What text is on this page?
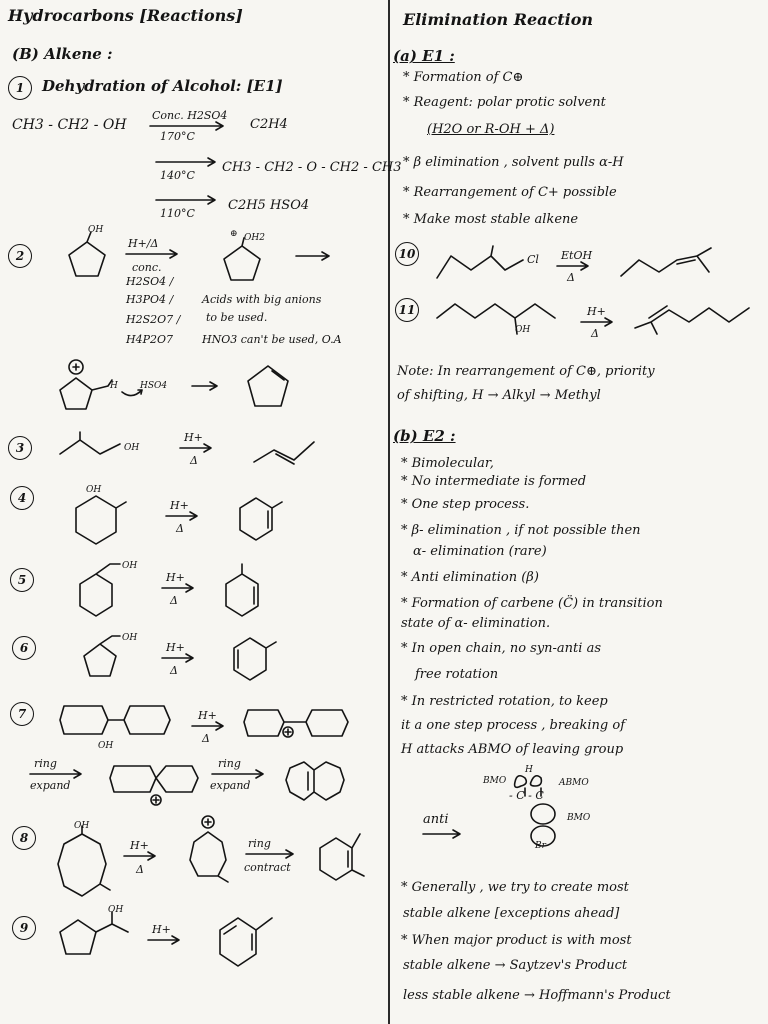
Hydrocarbons [Reactions]
(B) Alkene :
1	Dehydration of Alcohol: [E1]
CH3 - CH2 - OH
Conc. H2SO4
170°C
C2H4
140°C
CH3 - CH2 - O - CH2 - CH3
110°C
C2H5 HSO4
2
OH
H+/Δ
conc.
H2SO4 /
H3PO4 /
H2S2O7 /
H4P2O7
⊕ OH2
Acids with big anions
to be used.
HNO3 can't be used, O.A
H HSO4
3	OH
H+
Δ
4
OH
H+
Δ
5
OH
H+
Δ
6
OH
H+
Δ
7
OH
H+
Δ
ring
expand
ring
expand
8
OH
H+
Δ
ring
contract
9
OH
H+
Elimination Reaction
(a) E1 :
* Formation of C⊕
* Reagent: polar protic solvent
(H2O or R-OH + Δ)
* β elimination , solvent pulls α-H
* Rearrangement of C+ possible
* Make most stable alkene
10	Cl EtOH
Δ
11
OH
H+
Δ
Note: In rearrangement of C⊕, priority
of shifting, H → Alkyl → Methyl
(b) E2 :
* Bimolecular,
* No intermediate is formed
* One step process.
* β- elimination , if not possible then
α- elimination (rare)
* Anti elimination (β)
* Formation of carbene (C̈) in transition
state of α- elimination.
* In open chain, no syn-anti as
free rotation
* In restricted rotation, to keep
it a one step process , breaking of
H attacks ABMO of leaving group
BMO
H
ABMO
- C - C
BMO
Br
anti
* Generally , we try to create most
stable alkene [exceptions ahead]
* When major product is with most
stable alkene → Saytzev's Product
less stable alkene → Hoffmann's Product
